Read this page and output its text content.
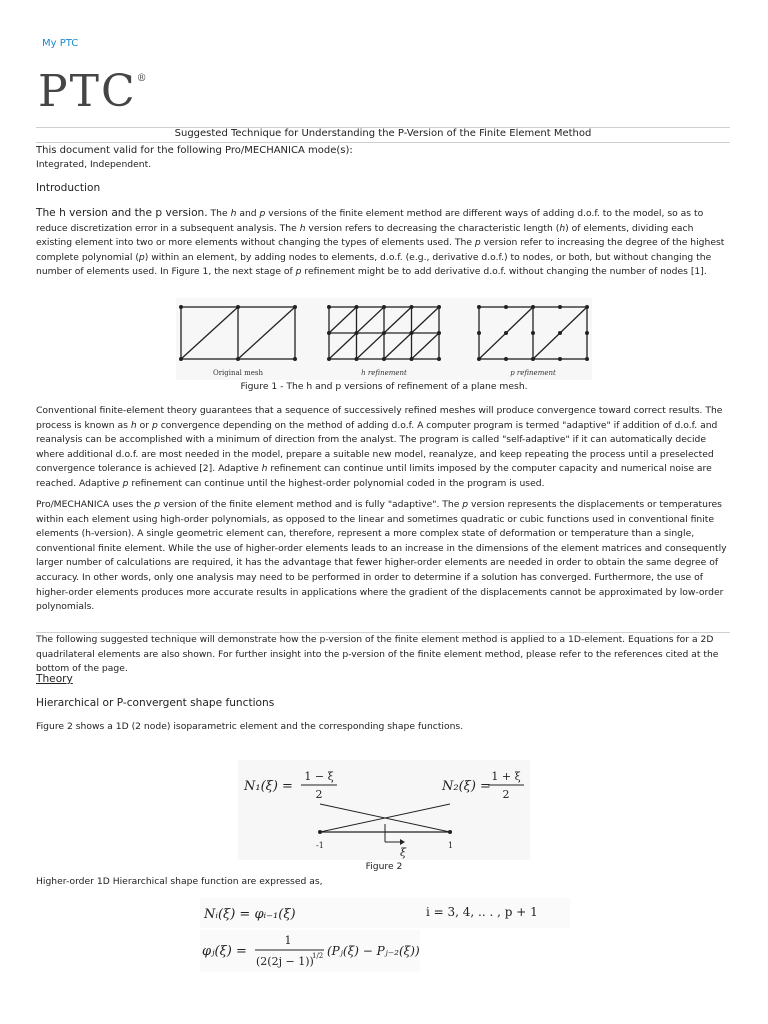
My PTC
PTC®
Suggested Technique for Understanding the P-Version of the Finite Element Method
This document valid for the following Pro/MECHANICA mode(s):
Integrated, Independent.
Introduction

The h version and the p version. The h and p versions of the finite element method are different ways of adding d.o.f. to the model, so as to reduce discretization error in a subsequent analysis. The h version refers to decreasing the characteristic length (h) of elements, dividing each existing element into two or more elements without changing the types of elements used. The p version refer to increasing the degree of the highest complete polynomial (p) within an element, by adding nodes to elements, d.o.f. (e.g., derivative d.o.f.) to nodes, or both, but without changing the number of elements used. In Figure 1, the next stage of p refinement might be to add derivative d.o.f. without changing the number of nodes [1].

Original mesh	h refinement	p refinement
Figure 1 - The h and p versions of refinement of a plane mesh.

Conventional finite-element theory guarantees that a sequence of successively refined meshes will produce convergence toward correct results. The process is known as h or p convergence depending on the method of adding d.o.f. A computer program is termed "adaptive" if addition of d.o.f. and reanalysis can be accomplished with a minimum of direction from the analyst. The program is called "self-adaptive" if it can automatically decide where additional d.o.f. are most needed in the model, prepare a suitable new model, reanalyze, and keep repeating the process until a preselected convergence tolerance is achieved [2]. Adaptive h refinement can continue until limits imposed by the computer capacity and numerical noise are reached. Adaptive p refinement can continue until the highest-order polynomial coded in the program is used.

Pro/MECHANICA uses the p version of the finite element method and is fully "adaptive". The p version represents the displacements or temperatures within each element using high-order polynomials, as opposed to the linear and sometimes quadratic or cubic functions used in conventional finite elements (h-version). A single geometric element can, therefore, represent a more complex state of deformation or temperature than a single, conventional finite element. While the use of higher-order elements leads to an increase in the dimensions of the element matrices and consequently larger number of calculations are required, it has the advantage that fewer higher-order elements are needed in order to obtain the same degree of accuracy. In other words, only one analysis may need to be performed in order to determine if a solution has converged. Furthermore, the use of higher-order elements produces more accurate results in applications where the gradient of the displacements cannot be approximated by low-order polynomials.

The following suggested technique will demonstrate how the p-version of the finite element method is applied to a 1D-element. Equations for a 2D quadrilateral elements are also shown. For further insight into the p-version of the finite element method, please refer to the references cited at the bottom of the page.

Theory
Hierarchical or P-convergent shape functions

Figure 2 shows a 1D (2 node) isoparametric element and the corresponding shape functions.

N₁(ξ) =
1 − ξ
2
N₂(ξ) =
1 + ξ
2
-1	1
ξ
Figure 2

Higher-order 1D Hierarchical shape function are expressed as,

Nᵢ(ξ) = φᵢ₋₁(ξ)	i = 3, 4, .. . , p + 1
φⱼ(ξ) =
1
(2(2j − 1))
1/2 (Pⱼ(ξ) − Pⱼ₋₂(ξ))
